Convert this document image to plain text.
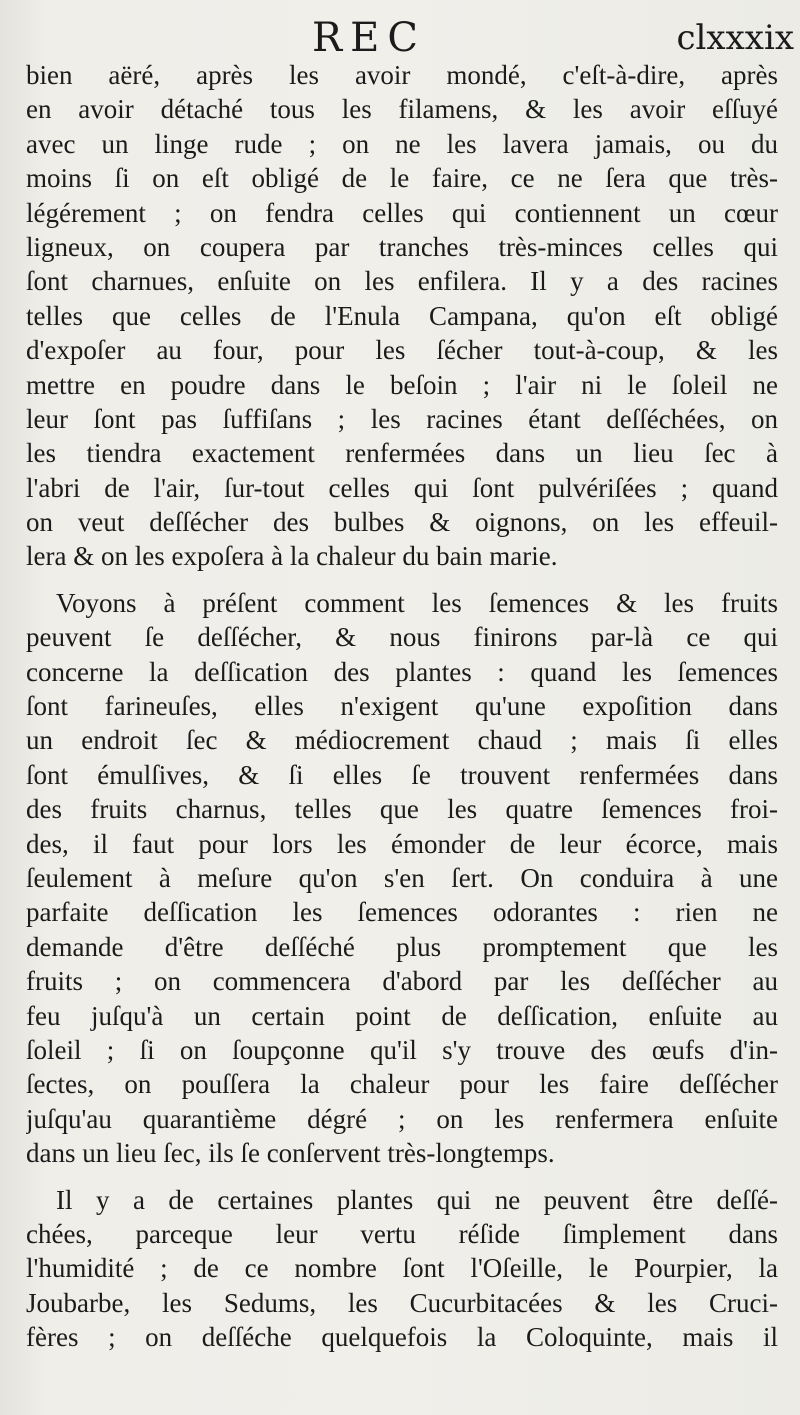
REC	clxxxix
bien aëré, après les avoir mondé, c'eſt-à-dire, après
en avoir détaché tous les filamens, & les avoir eſſuyé
avec un linge rude ; on ne les lavera jamais, ou du
moins ſi on eſt obligé de le faire, ce ne ſera que très-
légérement ; on fendra celles qui contiennent un cœur
ligneux, on coupera par tranches très-minces celles qui
ſont charnues, enſuite on les enfilera. Il y a des racines
telles que celles de l'Enula Campana, qu'on eſt obligé
d'expoſer au four, pour les ſécher tout-à-coup, & les
mettre en poudre dans le beſoin ; l'air ni le ſoleil ne
leur ſont pas ſuffiſans ; les racines étant deſſéchées, on
les tiendra exactement renfermées dans un lieu ſec à
l'abri de l'air, ſur-tout celles qui ſont pulvériſées ; quand
on veut deſſécher des bulbes & oignons, on les effeuil-
lera & on les expoſera à la chaleur du bain marie.
Voyons à préſent comment les ſemences & les fruits
peuvent ſe deſſécher, & nous finirons par-là ce qui
concerne la deſſication des plantes : quand les ſemences
ſont farineuſes, elles n'exigent qu'une expoſition dans
un endroit ſec & médiocrement chaud ; mais ſi elles
ſont émulſives, & ſi elles ſe trouvent renfermées dans
des fruits charnus, telles que les quatre ſemences froi-
des, il faut pour lors les émonder de leur écorce, mais
ſeulement à meſure qu'on s'en ſert. On conduira à une
parfaite deſſication les ſemences odorantes : rien ne
demande d'être deſſéché plus promptement que les
fruits ; on commencera d'abord par les deſſécher au
feu juſqu'à un certain point de deſſication, enſuite au
ſoleil ; ſi on ſoupçonne qu'il s'y trouve des œufs d'in-
ſectes, on pouſſera la chaleur pour les faire deſſécher
juſqu'au quarantième dégré ; on les renfermera enſuite
dans un lieu ſec, ils ſe conſervent très-longtemps.
Il y a de certaines plantes qui ne peuvent être deſſé-
chées, parceque leur vertu réſide ſimplement dans
l'humidité ; de ce nombre ſont l'Oſeille, le Pourpier, la
Joubarbe, les Sedums, les Cucurbitacées & les Cruci-
fères ; on deſſéche quelquefois la Coloquinte, mais il
